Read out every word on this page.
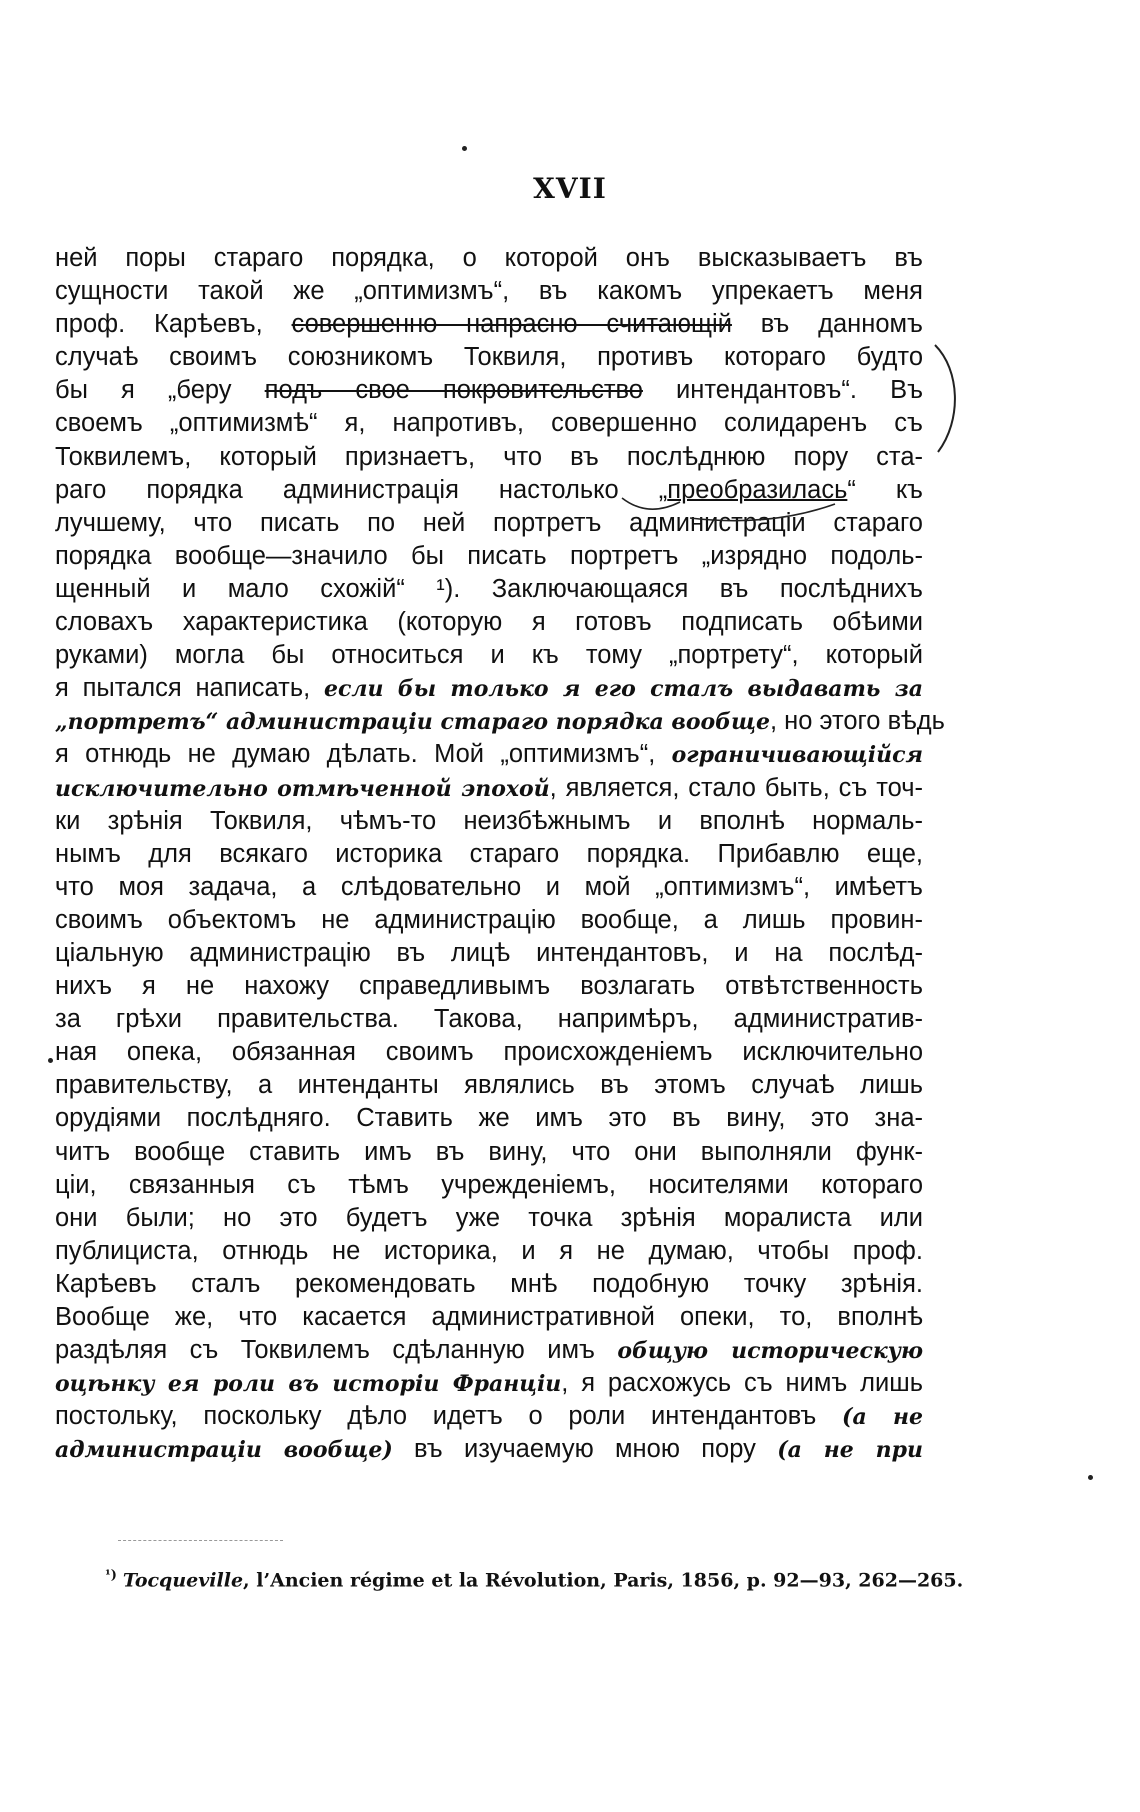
XVII
ней поры стараго порядка, о которой онъ высказываетъ въ
сущности такой же „оптимизмъ“, въ какомъ упрекаетъ меня
проф. Карѣевъ, совершенно напрасно считающій въ данномъ
случаѣ своимъ союзникомъ Токвиля, противъ котораго будто
бы я „беру подъ свое покровительство интендантовъ“. Въ
своемъ „оптимизмѣ“ я, напротивъ, совершенно солидаренъ съ
Токвилемъ, который признаетъ, что въ послѣднюю пору ста-
раго порядка администрація настолько „преобразилась“ къ
лучшему, что писать по ней портретъ администраціи стараго
порядка вообще—значило бы писать портретъ „изрядно подоль-
щенный и мало схожій“ ¹). Заключающаяся въ послѣднихъ
словахъ характеристика (которую я готовъ подписать обѣими
руками) могла бы относиться и къ тому „портрету“, который
я пытался написать, если бы только я его сталъ выдавать за
„портретъ“ администраціи стараго порядка вообще, но этого вѣдь
я отнюдь не думаю дѣлать. Мой „оптимизмъ“, ограничивающійся
исключительно отмѣченной эпохой, является, стало быть, съ точ-
ки зрѣнія Токвиля, чѣмъ-то неизбѣжнымъ и вполнѣ нормаль-
нымъ для всякаго историка стараго порядка. Прибавлю еще,
что моя задача, а слѣдовательно и мой „оптимизмъ“, имѣетъ
своимъ объектомъ не администрацію вообще, а лишь провин-
ціальную администрацію въ лицѣ интендантовъ, и на послѣд-
нихъ я не нахожу справедливымъ возлагать отвѣтственность
за грѣхи правительства. Такова, напримѣръ, административ-
ная опека, обязанная своимъ происхожденіемъ исключительно
правительству, а интенданты являлись въ этомъ случаѣ лишь
орудіями послѣдняго. Ставить же имъ это въ вину, это зна-
читъ вообще ставить имъ въ вину, что они выполняли функ-
ціи, связанныя съ тѣмъ учрежденіемъ, носителями котораго
они были; но это будетъ уже точка зрѣнія моралиста или
публициста, отнюдь не историка, и я не думаю, чтобы проф.
Карѣевъ сталъ рекомендовать мнѣ подобную точку зрѣнія.
Вообще же, что касается административной опеки, то, вполнѣ
раздѣляя съ Токвилемъ сдѣланную имъ общую историческую
оцѣнку ея роли въ исторіи Франціи, я расхожусь съ нимъ лишь
постольку, поскольку дѣло идетъ о роли интендантовъ (а не
администраціи вообще) въ изучаемую мною пору (а не при
$^{^1)}$ Tocqueville, l’Ancien régime et la Révolution, Paris, 1856, p. 92—93, 262—265.
